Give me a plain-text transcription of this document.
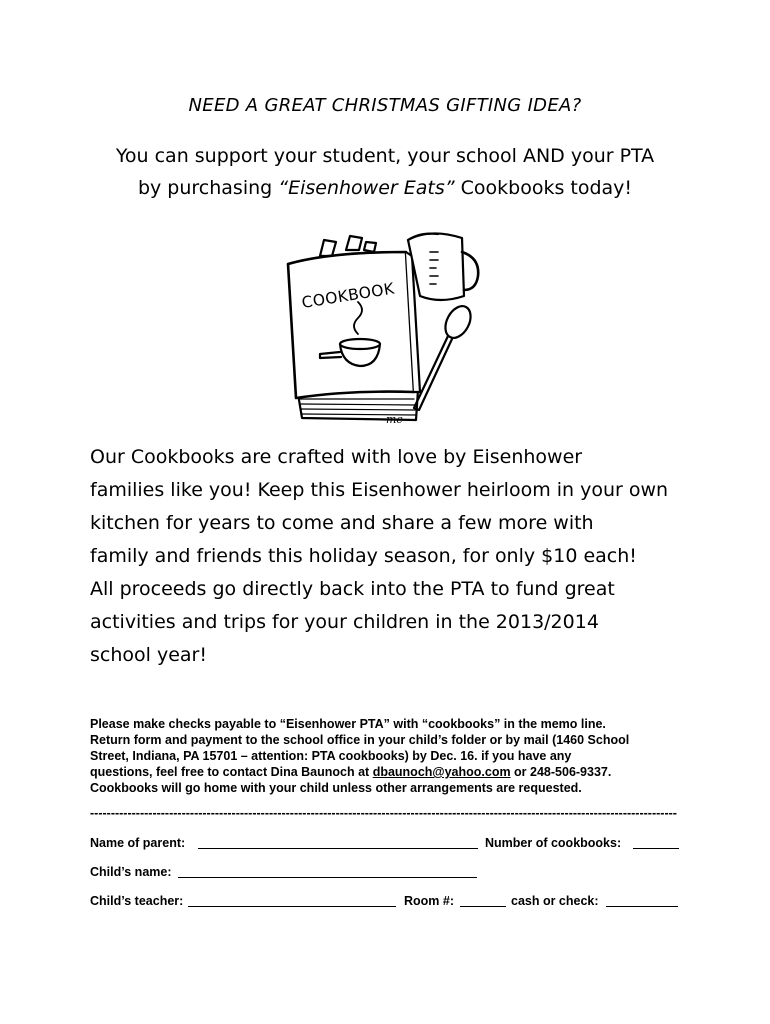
NEED A GREAT CHRISTMAS GIFTING IDEA?
You can support your student, your school AND your PTA
by purchasing “Eisenhower Eats” Cookbooks today!
COOKBOOK
mc

Our Cookbooks are crafted with love by Eisenhower
families like you! Keep this Eisenhower heirloom in your own
kitchen for years to come and share a few more with
family and friends this holiday season, for only $10 each!
All proceeds go directly back into the PTA to fund great
activities and trips for your children in the 2013/2014
school year!

Please make checks payable to “Eisenhower PTA” with “cookbooks” in the memo line.
Return form and payment to the school office in your child’s folder or by mail (1460 School
Street, Indiana, PA 15701 – attention: PTA cookbooks) by Dec. 16. if you have any
questions, feel free to contact Dina Baunoch at dbaunoch@yahoo.com or 248-506-9337.
Cookbooks will go home with your child unless other arrangements are requested.

---------------------------------------------------------------------------------------------------------------------------------------------
Name of parent:	Number of cookbooks:
Child’s name:
Child’s teacher:	Room #:	cash or check:
